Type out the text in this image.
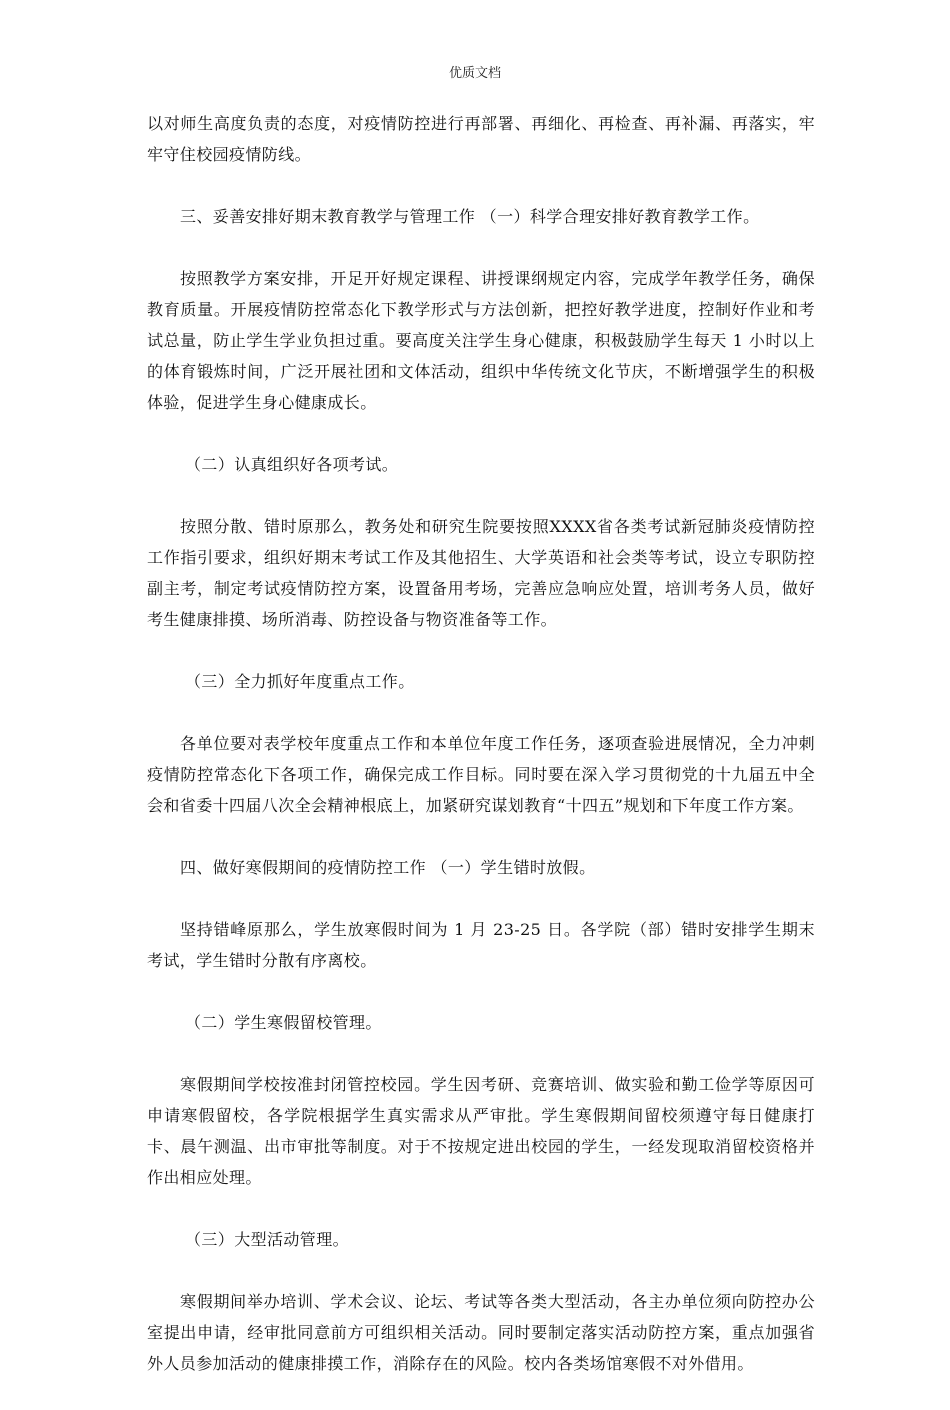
优质文档

以对师生高度负责的态度，对疫情防控进行再部署、再细化、再检查、再补漏、再落实，牢牢守住校园疫情防线。

三、妥善安排好期末教育教学与管理工作 （一）科学合理安排好教育教学工作。

按照教学方案安排，开足开好规定课程、讲授课纲规定内容，完成学年教学任务，确保教育质量。开展疫情防控常态化下教学形式与方法创新，把控好教学进度，控制好作业和考试总量，防止学生学业负担过重。要高度关注学生身心健康，积极鼓励学生每天 1 小时以上的体育锻炼时间，广泛开展社团和文体活动，组织中华传统文化节庆，不断增强学生的积极体验，促进学生身心健康成长。

（二）认真组织好各项考试。

按照分散、错时原那么，教务处和研究生院要按照XXXX省各类考试新冠肺炎疫情防控工作指引要求，组织好期末考试工作及其他招生、大学英语和社会类等考试，设立专职防控副主考，制定考试疫情防控方案，设置备用考场，完善应急响应处置，培训考务人员，做好考生健康排摸、场所消毒、防控设备与物资准备等工作。

（三）全力抓好年度重点工作。

各单位要对表学校年度重点工作和本单位年度工作任务，逐项查验进展情况，全力冲刺疫情防控常态化下各项工作，确保完成工作目标。同时要在深入学习贯彻党的十九届五中全会和省委十四届八次全会精神根底上，加紧研究谋划教育“十四五”规划和下年度工作方案。

四、做好寒假期间的疫情防控工作 （一）学生错时放假。

坚持错峰原那么，学生放寒假时间为 1 月 23-25 日。各学院（部）错时安排学生期末考试，学生错时分散有序离校。

（二）学生寒假留校管理。

寒假期间学校按准封闭管控校园。学生因考研、竞赛培训、做实验和勤工俭学等原因可申请寒假留校，各学院根据学生真实需求从严审批。学生寒假期间留校须遵守每日健康打卡、晨午测温、出市审批等制度。对于不按规定进出校园的学生，一经发现取消留校资格并作出相应处理。

（三）大型活动管理。

寒假期间举办培训、学术会议、论坛、考试等各类大型活动，各主办单位须向防控办公室提出申请，经审批同意前方可组织相关活动。同时要制定落实活动防控方案，重点加强省外人员参加活动的健康排摸工作，消除存在的风险。校内各类场馆寒假不对外借用。
